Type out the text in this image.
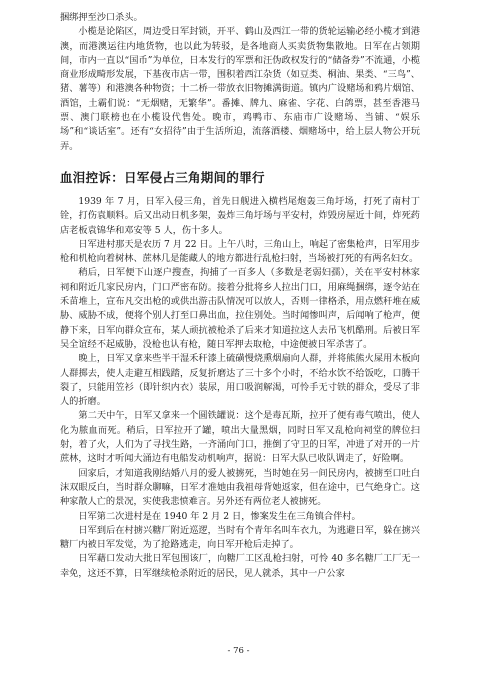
捆绑押至沙口杀头。

小榄是论陷区，周边受日军封锁，开平、鹤山及西江一带的货轮运输必经小榄才到港澳，而港澳运往内地货物，也以此为转驳，是各地商人买卖货物集散地。日军在占领期间，市内一直以“国币”为单位，日本发行的军票和汪伪政权发行的“储备券”不流通，小榄商业形成畸形发展，下基夜市店一带，围积着西江杂货（如豆类、桐油、果类、“三鸟”、猪、薯等）和港澳各种物资；十二桥一带放衣旧物摊满街道。镇内广设赌场和鸦片烟馆、酒馆，土霸们说：“无烟赌，无繁华”。番摊、牌九、麻雀、字花、白鸽票，甚至香港马票、澳门联榜也在小榄设代售处。晚市，鸡鸭市、东庙市广设赌场、当铺、“娱乐场”和“谈话室”。还有“女招待”由于生活所迫，流落酒楼、烟赌场中，给上层人物公开玩弄。

血泪控诉：日军侵占三角期间的罪行

1939 年 7 月，日军入侵三角，首先日舰进入横档尾炮轰三角圩场，打死了南村丁铨，打伤袁顺料。后又出动日机多架，轰炸三角圩场与平安村，炸毁房屋近十间，炸死药店老板袁锦华和邓安等 5 人，伤十多人。

日军进村那天是农历 7 月 22 日。上午八时，三角山上，响起了密集枪声，日军用步枪和机枪向着树林、蔗林几是能藏人的地方都进行乱枪扫射，当场被打死的有两名妇女。

稍后，日军便下山逐户搜查，拘捕了一百多人（多数是老弱妇孺），关在平安村林家祠和附近几家民房内，门口严密布防。接着分批将乡人拉出门口，用麻绳捆绑，逐令站在禾苗堆上，宣布凡交出枪的或供出游击队情况可以放人，否则一律格杀，用点燃秆堆在威胁、威胁不成，便将个别人打至口鼻出血，拉住别处。当时闻惨叫声，后闻响了枪声，便静下来，日军向群众宣布，某人顽抗被枪杀了后来才知道拉这人去吊飞机酷刑。后被日军吴全谊经不起威胁，没枪也认有枪，随日军押去取枪，中途便被日军杀害了。

晚上，日军又拿来些半干湿禾秆漆上硫磺慢烧熏烟扇向人群，并将熊熊火屎用木板向人群掷去，使人走避互相践踏，反复折磨达了三十多个小时，不给水饮不给饭吃，口腾干裂了，只能用笠衫（即针织内衣）装尿，用口吸润解渴，可怜手无寸铁的群众，受尽了非人的折磨。

第二天中午，日军又拿来一个圆铁罐说：这个是毒瓦斯，拉开了便有毒气喷出，使人化为脓血而死。稍后，日军拉开了罐，喷出大量黑烟，同时日军又乱枪向祠堂的牌位扫射，着了火，人们为了寻找生路，一齐涌向门口，推倒了守卫的日军，冲进了对开的一片蔗林，这时才听闻大涌边有电船发动机响声，据说：日军大队已收队调走了，好险啊。

回家后，才知道我刚结婚八月的爱人被掳死，当时她在另一间民房内，被掳至口吐白沫双眼反白，当时群众聊嘛，日军才准她由我祖母背她返家，但在途中，已气绝身亡。这种家散人亡的景况，实使我悲愤难言。另外还有两位老人被掳死。

日军第二次进村是在 1940 年 2 月 2 日，惨案发生在三角镇合伴村。

日军到后在村掳兴糖厂附近巡逻，当时有个青年名叫车衣九，为逃避日军，躲在掳兴糖厂内被日军发觉，为了抢路逃走，向日军开枪后走掉了。

日军藉口发动大批日军包围该厂，向糖厂工区乱枪扫射，可怜 40 多名糖厂工厂无一幸免，这还不算，日军继续枪杀附近的居民，见人就杀，其中一户公家

- 76 -
